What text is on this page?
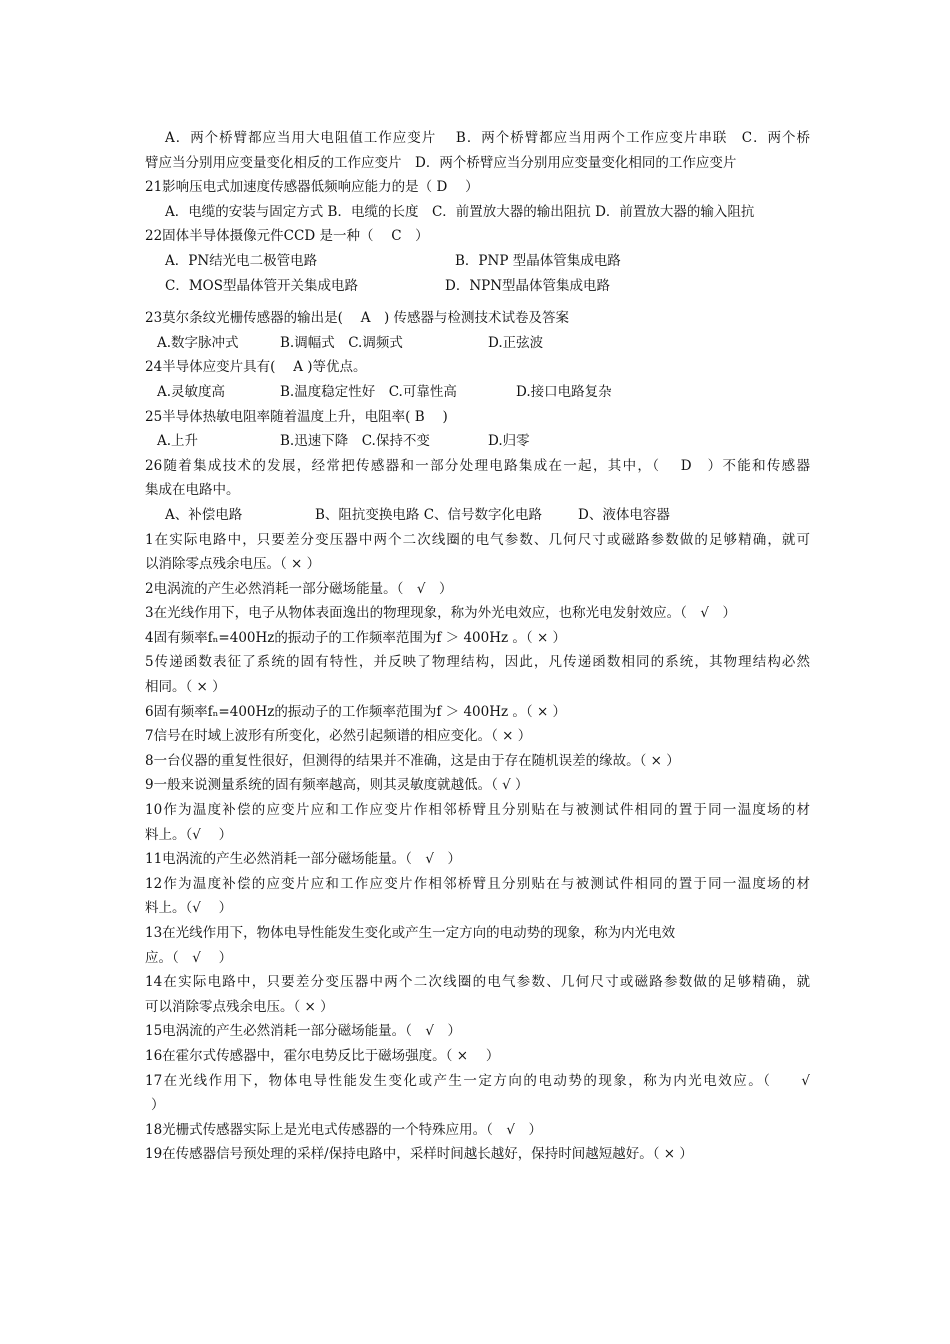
A．两个桥臂都应当用大电阻值工作应变片　 B．两个桥臂都应当用两个工作应变片串联　C．两个桥
臂应当分别用应变量变化相反的工作应变片　D．两个桥臂应当分别用应变量变化相同的工作应变片
21影响压电式加速度传感器低频响应能力的是（ D　 ）
A．电缆的安装与固定方式 B．电缆的长度　C．前置放大器的输出阻抗 D．前置放大器的输入阻抗
22固体半导体摄像元件CCD 是一种（　 C　）
A．PN结光电二极管电路	B．PNP 型晶体管集成电路
C．MOS型晶体管开关集成电路	D．NPN型晶体管集成电路
23莫尔条纹光栅传感器的输出是(　 A　) 传感器与检测技术试卷及答案
A.数字脉冲式	B.调幅式　C.调频式	D.正弦波
24半导体应变片具有(　 A )等优点。
A.灵敏度高	B.温度稳定性好　C.可靠性高	D.接口电路复杂
25半导体热敏电阻率随着温度上升，电阻率( B　 )
A.上升	B.迅速下降　C.保持不变	D.归零
26随着集成技术的发展，经常把传感器和一部分处理电路集成在一起，其中，（　 D　）不能和传感器
集成在电路中。
A、补偿电路	B、阻抗变换电路 C、信号数字化电路	D、液体电容器
1在实际电路中，只要差分变压器中两个二次线圈的电气参数、几何尺寸或磁路参数做的足够精确，就可
以消除零点残余电压。（ × ）
2电涡流的产生必然消耗一部分磁场能量。（　√　）
3在光线作用下，电子从物体表面逸出的物理现象，称为外光电效应，也称光电发射效应。（　√　）
4固有频率fₙ=400Hz的振动子的工作频率范围为f ＞ 400Hz 。（ × ）
5传递函数表征了系统的固有特性，并反映了物理结构，因此，凡传递函数相同的系统，其物理结构必然
相同。（ × ）
6固有频率fₙ=400Hz的振动子的工作频率范围为f ＞ 400Hz 。（ × ）
7信号在时域上波形有所变化，必然引起频谱的相应变化。（ × ）
8一台仪器的重复性很好，但测得的结果并不准确，这是由于存在随机误差的缘故。（ × ）
9一般来说测量系统的固有频率越高，则其灵敏度就越低。（ √ ）
10作为温度补偿的应变片应和工作应变片作相邻桥臂且分别贴在与被测试件相同的置于同一温度场的材
料上。（√　 ）
11电涡流的产生必然消耗一部分磁场能量。（　√　）
12作为温度补偿的应变片应和工作应变片作相邻桥臂且分别贴在与被测试件相同的置于同一温度场的材
料上。（√　 ）
13在光线作用下，物体电导性能发生变化或产生一定方向的电动势的现象，称为内光电效
应。（　√　 ）
14在实际电路中，只要差分变压器中两个二次线圈的电气参数、几何尺寸或磁路参数做的足够精确，就
可以消除零点残余电压。（ × ）
15电涡流的产生必然消耗一部分磁场能量。（　√　）
16在霍尔式传感器中，霍尔电势反比于磁场强度。（ ×　 ）
17在光线作用下，物体电导性能发生变化或产生一定方向的电动势的现象，称为内光电效应。（　　√
）
18光栅式传感器实际上是光电式传感器的一个特殊应用。（　√　）
19在传感器信号预处理的采样/保持电路中，采样时间越长越好，保持时间越短越好。（ × ）
